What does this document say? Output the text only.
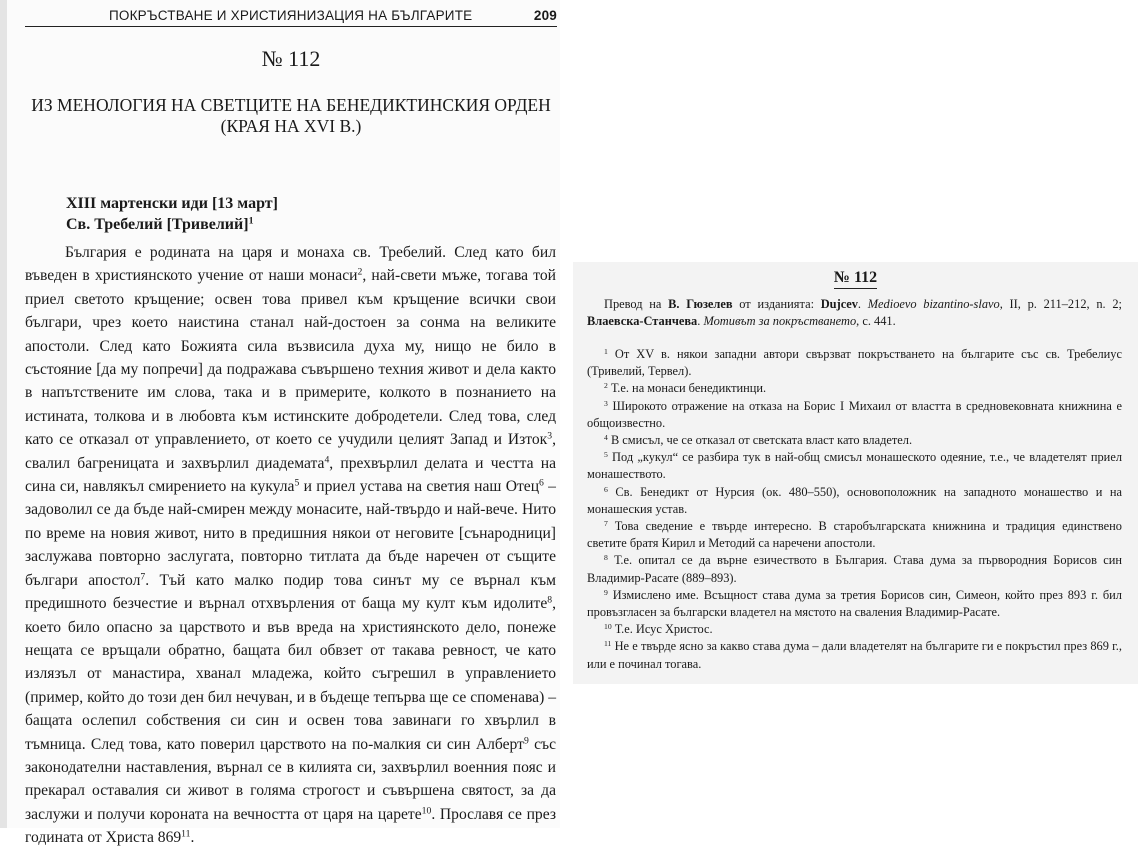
ПОКРЪСТВАНЕ И ХРИСТИЯНИЗАЦИЯ НА БЪЛГАРИТЕ	209
№ 112
ИЗ МЕНОЛОГИЯ НА СВЕТЦИТЕ НА БЕНЕДИКТИНСКИЯ ОРДЕН
(КРАЯ НА XVI В.)
XIII мартенски иди [13 март]
Св. Требелий [Тривелий]$^1$

България е родината на царя и монаха св. Требелий. След като бил въведен в християнското учение от наши монаси$^2$, най-свети мъже, тогава той приел светото кръщение; освен това привел към кръщение всички свои българи, чрез което наистина станал най-достоен за сонма на великите апостоли. След като Божията сила възвисила духа му, нищо не било в състояние [да му попречи] да подражава съвършено техния живот и дела както в напътствените им слова, така и в примерите, колкото в познанието на истината, толкова и в любовта към истинските добродетели. След това, след като се отказал от управлението, от което се учудили целият Запад и Изток$^3$, свалил багреницата и захвърлил диадемата$^4$, прехвърлил делата и честта на сина си, навлякъл смирението на кукула$^5$ и приел устава на светия наш Отец$^6$ – задоволил се да бъде най-смирен между монасите, най-твърдо и най-вече. Нито по време на новия живот, нито в предишния някои от неговите [сънародници] заслужава повторно заслугата, повторно титлата да бъде наречен от същите българи апостол$^7$. Тъй като малко подир това синът му се върнал към предишното безчестие и върнал отхвърления от баща му култ към идолите$^8$, което било опасно за царството и във вреда на християнското дело, понеже нещата се връщали обратно, бащата бил обвзет от такава ревност, че като излязъл от манастира, хванал младежа, който съгрешил в управлението (пример, който до този ден бил нечуван, и в бъдеще тепърва ще се споменава) – бащата ослепил собствения си син и освен това завинаги го хвърлил в тъмница. След това, като поверил царството на по-малкия си син Алберт$^9$ със законодателни наставления, върнал се в килията си, захвърлил военния пояс и прекарал оставалия си живот в голяма строгост и съвършена святост, за да заслужи и получи короната на вечността от царя на царете$^{10}$. Прославя се през годината от Христа $869^{11}$.

№ 112

Превод на В. Гюзелев от изданията: Dujcev. Medioevo bizantino-slavo, II, p. 211–212, n. 2; Влаевска-Станчева. Мотивът за покръстването, с. 441.

$^1$ От XV в. някои западни автори свързват покръстването на българите със св. Требелиус (Тривелий, Тервел).

$^2$ Т.е. на монаси бенедиктинци.

$^3$ Широкото отражение на отказа на Борис I Михаил от властта в средновековната книжнина е общоизвестно.

$^4$ В смисъл, че се отказал от светската власт като владетел.

$^5$ Под „кукул“ се разбира тук в най-общ смисъл монашеското одеяние, т.е., че владетелят приел монашеството.

$^6$ Св. Бенедикт от Нурсия (ок. 480–550), основоположник на западното монашество и на монашеския устав.

$^7$ Това сведение е твърде интересно. В старобългарската книжнина и традиция единствено светите братя Кирил и Методий са наречени апостоли.

$^8$ Т.е. опитал се да върне езичеството в България. Става дума за първородния Борисов син Владимир-Расате (889–893).

$^9$ Измислено име. Всъщност става дума за третия Борисов син, Симеон, който през 893 г. бил провъзгласен за български владетел на мястото на сваления Владимир-Расате.

$^{10}$ Т.е. Исус Христос.

$^{11}$ Не е твърде ясно за какво става дума – дали владетелят на българите ги е покръстил през 869 г., или е починал тогава.
